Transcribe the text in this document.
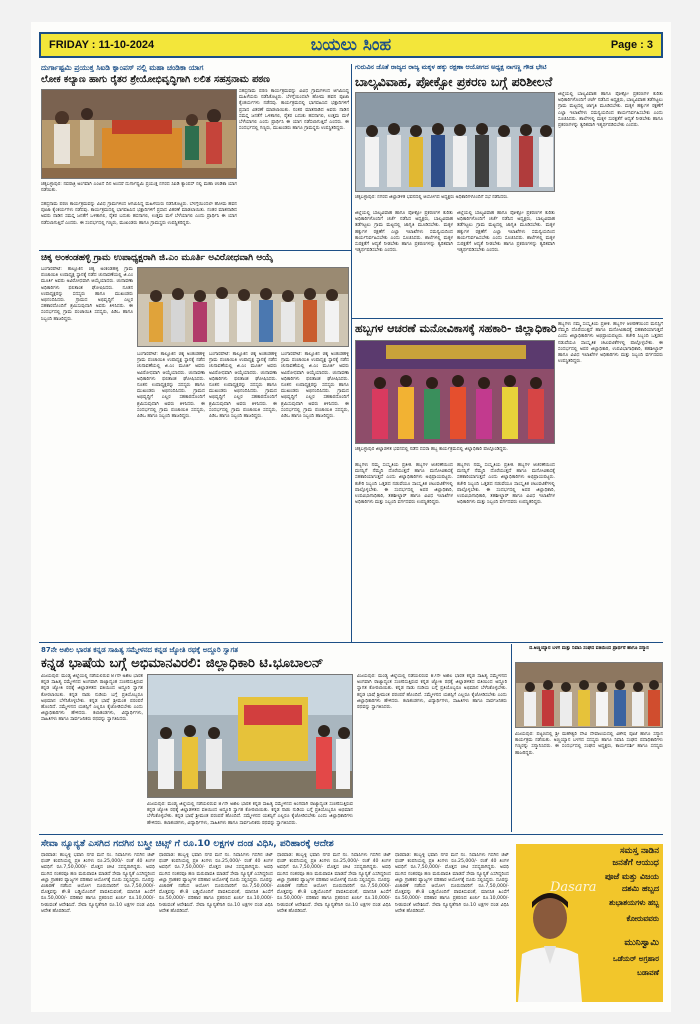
FRIDAY : 11-10-2024	ಬಯಲು ಸಿಂಹ	Page : 3
ದುರ್ಗಾಷ್ಟಮಿ ಪ್ರಯುಕ್ತ ಸಿಐಡಿ ಕ್ಯಾಂಪಸ್ ನಲ್ಲಿ ಮಹಾ ಚಂಡಿಕಾ ಯಾಗ
ಲೋಕ ಕಲ್ಯಾಣ ಹಾಗು ರೈತರ ಶ್ರೇಯೋಭಿವೃದ್ಧಿಗಾಗಿ ಲಲಿತ ಸಹಸ್ರನಾಮ ಪಠಣ
ಸಹಸ್ರನಾಮ ಪಠಣ ಕಾರ್ಯಕ್ರಮವನ್ನು ವಿವಿಧ ಗ್ರಾಮಗಳಿಂದ ಆಗಮಿಸಿದ್ದ ಮಹಿಳೆಯರು ನಡೆಸಿಕೊಟ್ಟರು. ಬೆಳಗ್ಗೆಯಿಂದಲೇ ಹೋಮ ಹವನ ಪೂಜಾ ಕೈಂಕರ್ಯಗಳು ನಡೆದವು. ಕಾರ್ಯಕ್ರಮದಲ್ಲಿ ಭಾಗವಹಿಸಿದ ಭಕ್ತಾದಿಗಳಿಗೆ ಪ್ರಸಾದ ವಿತರಣೆ ಮಾಡಲಾಯಿತು. ನಂತರ ಮಾತನಾಡಿದ ಅವರು ನಾಡಿನ ಸಮಸ್ತ ಜನತೆಗೆ ಒಳಿತಾಗಲಿ, ರೈತರ ಬದುಕು ಹಸನಾಗಲಿ, ಉತ್ತಮ ಮಳೆ ಬೆಳೆಯಾಗಲಿ ಎಂದು ಪ್ರಾರ್ಥಿಸಿ ಈ ಯಾಗ ನಡೆಸಲಾಗುತ್ತಿದೆ ಎಂದರು. ಈ ಸಂದರ್ಭದಲ್ಲಿ ಗಣ್ಯರು, ಮುಖಂಡರು ಹಾಗೂ ಗ್ರಾಮಸ್ಥರು ಉಪಸ್ಥಿತರಿದ್ದರು.
ಚಿಕ್ಕಬಳ್ಳಾಪುರ: ನವರಾತ್ರಿ ಅಂಗವಾಗಿ ಎಂಟನೆ ದಿನ ಅಂದರೆ ದುರ್ಗಾಷ್ಟಮಿ ಪ್ರಯುಕ್ತ ನಗರದ ಸಿಐಡಿ ಕ್ಯಾಂಪಸ್ ನಲ್ಲಿ ಮಹಾ ಚಂಡಿಕಾ ಯಾಗ ನಡೆಯಿತು.
ಸಹಸ್ರನಾಮ ಪಠಣ ಕಾರ್ಯಕ್ರಮವನ್ನು ವಿವಿಧ ಗ್ರಾಮಗಳಿಂದ ಆಗಮಿಸಿದ್ದ ಮಹಿಳೆಯರು ನಡೆಸಿಕೊಟ್ಟರು. ಬೆಳಗ್ಗೆಯಿಂದಲೇ ಹೋಮ ಹವನ ಪೂಜಾ ಕೈಂಕರ್ಯಗಳು ನಡೆದವು. ಕಾರ್ಯಕ್ರಮದಲ್ಲಿ ಭಾಗವಹಿಸಿದ ಭಕ್ತಾದಿಗಳಿಗೆ ಪ್ರಸಾದ ವಿತರಣೆ ಮಾಡಲಾಯಿತು. ನಂತರ ಮಾತನಾಡಿದ ಅವರು ನಾಡಿನ ಸಮಸ್ತ ಜನತೆಗೆ ಒಳಿತಾಗಲಿ, ರೈತರ ಬದುಕು ಹಸನಾಗಲಿ, ಉತ್ತಮ ಮಳೆ ಬೆಳೆಯಾಗಲಿ ಎಂದು ಪ್ರಾರ್ಥಿಸಿ ಈ ಯಾಗ ನಡೆಸಲಾಗುತ್ತಿದೆ ಎಂದರು. ಈ ಸಂದರ್ಭದಲ್ಲಿ ಗಣ್ಯರು, ಮುಖಂಡರು ಹಾಗೂ ಗ್ರಾಮಸ್ಥರು ಉಪಸ್ಥಿತರಿದ್ದರು.
ಚಿಕ್ಕ ಅಂಕಂಡಹಳ್ಳಿ ಗ್ರಾಮ ಉಪಾಧ್ಯಕ್ಷರಾಗಿ ಜಿ.ಎಂ ಮೂರ್ತಿ ಅವಿರೋಧವಾಗಿ ಆಯ್ಕೆ
ಬಂಗಾರಪೇಟೆ: ತಾಲ್ಲೂಕಿನ ಚಿಕ್ಕ ಅಂಕಂಡಹಳ್ಳಿ ಗ್ರಾಮ ಪಂಚಾಯಿತಿ ಉಪಾಧ್ಯಕ್ಷ ಸ್ಥಾನಕ್ಕೆ ನಡೆದ ಚುನಾವಣೆಯಲ್ಲಿ ಜಿ.ಎಂ ಮೂರ್ತಿ ಅವರು ಅವಿರೋಧವಾಗಿ ಆಯ್ಕೆಯಾದರು. ಚುನಾವಣಾ ಅಧಿಕಾರಿಗಳು ಫಲಿತಾಂಶ ಘೋಷಿಸಿದರು. ನೂತನ ಉಪಾಧ್ಯಕ್ಷರನ್ನು ಸದಸ್ಯರು ಹಾಗೂ ಮುಖಂಡರು ಅಭಿನಂದಿಸಿದರು. ಗ್ರಾಮದ ಅಭಿವೃದ್ಧಿಗೆ ಎಲ್ಲರ ಸಹಕಾರದೊಂದಿಗೆ ಶ್ರಮಿಸುವುದಾಗಿ ಅವರು ತಿಳಿಸಿದರು. ಈ ಸಂದರ್ಭದಲ್ಲಿ ಗ್ರಾಮ ಪಂಚಾಯಿತಿ ಸದಸ್ಯರು, ಪಿಡಿಒ ಹಾಗೂ ಸಿಬ್ಬಂದಿ ಹಾಜರಿದ್ದರು.
ಬಂಗಾರಪೇಟೆ: ತಾಲ್ಲೂಕಿನ ಚಿಕ್ಕ ಅಂಕಂಡಹಳ್ಳಿ ಗ್ರಾಮ ಪಂಚಾಯಿತಿ ಉಪಾಧ್ಯಕ್ಷ ಸ್ಥಾನಕ್ಕೆ ನಡೆದ ಚುನಾವಣೆಯಲ್ಲಿ ಜಿ.ಎಂ ಮೂರ್ತಿ ಅವರು ಅವಿರೋಧವಾಗಿ ಆಯ್ಕೆಯಾದರು. ಚುನಾವಣಾ ಅಧಿಕಾರಿಗಳು ಫಲಿತಾಂಶ ಘೋಷಿಸಿದರು. ನೂತನ ಉಪಾಧ್ಯಕ್ಷರನ್ನು ಸದಸ್ಯರು ಹಾಗೂ ಮುಖಂಡರು ಅಭಿನಂದಿಸಿದರು. ಗ್ರಾಮದ ಅಭಿವೃದ್ಧಿಗೆ ಎಲ್ಲರ ಸಹಕಾರದೊಂದಿಗೆ ಶ್ರಮಿಸುವುದಾಗಿ ಅವರು ತಿಳಿಸಿದರು. ಈ ಸಂದರ್ಭದಲ್ಲಿ ಗ್ರಾಮ ಪಂಚಾಯಿತಿ ಸದಸ್ಯರು, ಪಿಡಿಒ ಹಾಗೂ ಸಿಬ್ಬಂದಿ ಹಾಜರಿದ್ದರು.
ಬಂಗಾರಪೇಟೆ: ತಾಲ್ಲೂಕಿನ ಚಿಕ್ಕ ಅಂಕಂಡಹಳ್ಳಿ ಗ್ರಾಮ ಪಂಚಾಯಿತಿ ಉಪಾಧ್ಯಕ್ಷ ಸ್ಥಾನಕ್ಕೆ ನಡೆದ ಚುನಾವಣೆಯಲ್ಲಿ ಜಿ.ಎಂ ಮೂರ್ತಿ ಅವರು ಅವಿರೋಧವಾಗಿ ಆಯ್ಕೆಯಾದರು. ಚುನಾವಣಾ ಅಧಿಕಾರಿಗಳು ಫಲಿತಾಂಶ ಘೋಷಿಸಿದರು. ನೂತನ ಉಪಾಧ್ಯಕ್ಷರನ್ನು ಸದಸ್ಯರು ಹಾಗೂ ಮುಖಂಡರು ಅಭಿನಂದಿಸಿದರು. ಗ್ರಾಮದ ಅಭಿವೃದ್ಧಿಗೆ ಎಲ್ಲರ ಸಹಕಾರದೊಂದಿಗೆ ಶ್ರಮಿಸುವುದಾಗಿ ಅವರು ತಿಳಿಸಿದರು. ಈ ಸಂದರ್ಭದಲ್ಲಿ ಗ್ರಾಮ ಪಂಚಾಯಿತಿ ಸದಸ್ಯರು, ಪಿಡಿಒ ಹಾಗೂ ಸಿಬ್ಬಂದಿ ಹಾಜರಿದ್ದರು.
ಬಂಗಾರಪೇಟೆ: ತಾಲ್ಲೂಕಿನ ಚಿಕ್ಕ ಅಂಕಂಡಹಳ್ಳಿ ಗ್ರಾಮ ಪಂಚಾಯಿತಿ ಉಪಾಧ್ಯಕ್ಷ ಸ್ಥಾನಕ್ಕೆ ನಡೆದ ಚುನಾವಣೆಯಲ್ಲಿ ಜಿ.ಎಂ ಮೂರ್ತಿ ಅವರು ಅವಿರೋಧವಾಗಿ ಆಯ್ಕೆಯಾದರು. ಚುನಾವಣಾ ಅಧಿಕಾರಿಗಳು ಫಲಿತಾಂಶ ಘೋಷಿಸಿದರು. ನೂತನ ಉಪಾಧ್ಯಕ್ಷರನ್ನು ಸದಸ್ಯರು ಹಾಗೂ ಮುಖಂಡರು ಅಭಿನಂದಿಸಿದರು. ಗ್ರಾಮದ ಅಭಿವೃದ್ಧಿಗೆ ಎಲ್ಲರ ಸಹಕಾರದೊಂದಿಗೆ ಶ್ರಮಿಸುವುದಾಗಿ ಅವರು ತಿಳಿಸಿದರು. ಈ ಸಂದರ್ಭದಲ್ಲಿ ಗ್ರಾಮ ಪಂಚಾಯಿತಿ ಸದಸ್ಯರು, ಪಿಡಿಒ ಹಾಗೂ ಸಿಬ್ಬಂದಿ ಹಾಜರಿದ್ದರು.
ಗುರುವಿನ ಜೊತೆ ರಾಜ್ಯದ ರಾಜ್ಯ ಮಕ್ಕಳ ಹಕ್ಕು ರಕ್ಷಣಾ ಆಯೋಗದ ಅಧ್ಯಕ್ಷ ನಾಗಣ್ಣ ಗೌಡ ಭೇಟಿ
ಬಾಲ್ಯವಿವಾಹ, ಪೋಕ್ಸೋ ಪ್ರಕರಣ ಬಗ್ಗೆ ಪರಿಶೀಲನೆ
ಜಿಲ್ಲೆಯಲ್ಲಿ ಬಾಲ್ಯವಿವಾಹ ಹಾಗೂ ಪೋಕ್ಸೋ ಪ್ರಕರಣಗಳ ಕುರಿತು ಅಧಿಕಾರಿಗಳೊಂದಿಗೆ ಚರ್ಚೆ ನಡೆಸಿದ ಅಧ್ಯಕ್ಷರು, ಬಾಲ್ಯವಿವಾಹ ತಡೆಗಟ್ಟಲು ಗ್ರಾಮ ಮಟ್ಟದಲ್ಲಿ ಜಾಗೃತಿ ಮೂಡಿಸಬೇಕು. ಮಕ್ಕಳ ಹಕ್ಕುಗಳ ರಕ್ಷಣೆಗೆ ಎಲ್ಲಾ ಇಲಾಖೆಗಳು ಸಮನ್ವಯದಿಂದ ಕಾರ್ಯನಿರ್ವಹಿಸಬೇಕು ಎಂದು ಸೂಚಿಸಿದರು. ಶಾಲೆಗಳಲ್ಲಿ ಮಕ್ಕಳ ಸುರಕ್ಷತೆಗೆ ಆದ್ಯತೆ ನೀಡಬೇಕು ಹಾಗೂ ಪ್ರಕರಣಗಳನ್ನು ತ್ವರಿತವಾಗಿ ಇತ್ಯರ್ಥಪಡಿಸಬೇಕು ಎಂದರು.
ಚಿಕ್ಕಬಳ್ಳಾಪುರ: ನಗರದ ಜಿಲ್ಲಾಡಳಿತ ಭವನದಲ್ಲಿ ಆಯೋಗದ ಅಧ್ಯಕ್ಷರು ಅಧಿಕಾರಿಗಳೊಂದಿಗೆ ಸಭೆ ನಡೆಸಿದರು.
ಜಿಲ್ಲೆಯಲ್ಲಿ ಬಾಲ್ಯವಿವಾಹ ಹಾಗೂ ಪೋಕ್ಸೋ ಪ್ರಕರಣಗಳ ಕುರಿತು ಅಧಿಕಾರಿಗಳೊಂದಿಗೆ ಚರ್ಚೆ ನಡೆಸಿದ ಅಧ್ಯಕ್ಷರು, ಬಾಲ್ಯವಿವಾಹ ತಡೆಗಟ್ಟಲು ಗ್ರಾಮ ಮಟ್ಟದಲ್ಲಿ ಜಾಗೃತಿ ಮೂಡಿಸಬೇಕು. ಮಕ್ಕಳ ಹಕ್ಕುಗಳ ರಕ್ಷಣೆಗೆ ಎಲ್ಲಾ ಇಲಾಖೆಗಳು ಸಮನ್ವಯದಿಂದ ಕಾರ್ಯನಿರ್ವಹಿಸಬೇಕು ಎಂದು ಸೂಚಿಸಿದರು. ಶಾಲೆಗಳಲ್ಲಿ ಮಕ್ಕಳ ಸುರಕ್ಷತೆಗೆ ಆದ್ಯತೆ ನೀಡಬೇಕು ಹಾಗೂ ಪ್ರಕರಣಗಳನ್ನು ತ್ವರಿತವಾಗಿ ಇತ್ಯರ್ಥಪಡಿಸಬೇಕು ಎಂದರು.
ಜಿಲ್ಲೆಯಲ್ಲಿ ಬಾಲ್ಯವಿವಾಹ ಹಾಗೂ ಪೋಕ್ಸೋ ಪ್ರಕರಣಗಳ ಕುರಿತು ಅಧಿಕಾರಿಗಳೊಂದಿಗೆ ಚರ್ಚೆ ನಡೆಸಿದ ಅಧ್ಯಕ್ಷರು, ಬಾಲ್ಯವಿವಾಹ ತಡೆಗಟ್ಟಲು ಗ್ರಾಮ ಮಟ್ಟದಲ್ಲಿ ಜಾಗೃತಿ ಮೂಡಿಸಬೇಕು. ಮಕ್ಕಳ ಹಕ್ಕುಗಳ ರಕ್ಷಣೆಗೆ ಎಲ್ಲಾ ಇಲಾಖೆಗಳು ಸಮನ್ವಯದಿಂದ ಕಾರ್ಯನಿರ್ವಹಿಸಬೇಕು ಎಂದು ಸೂಚಿಸಿದರು. ಶಾಲೆಗಳಲ್ಲಿ ಮಕ್ಕಳ ಸುರಕ್ಷತೆಗೆ ಆದ್ಯತೆ ನೀಡಬೇಕು ಹಾಗೂ ಪ್ರಕರಣಗಳನ್ನು ತ್ವರಿತವಾಗಿ ಇತ್ಯರ್ಥಪಡಿಸಬೇಕು ಎಂದರು.
ಹಬ್ಬಗಳ ಆಚರಣೆ ಮನೋವಿಕಾಸಕ್ಕೆ ಸಹಕಾರಿ- ಜಿಲ್ಲಾಧಿಕಾರಿ ಹಬ್ಬಗಳು ನಮ್ಮ ಸಂಸ್ಕೃತಿಯ ಪ್ರತೀಕ. ಹಬ್ಬಗಳ ಆಚರಣೆಯಿಂದ ಮನಸ್ಸಿಗೆ ನೆಮ್ಮದಿ ದೊರೆಯುತ್ತದೆ ಹಾಗೂ ಮನೋವಿಕಾಸಕ್ಕೆ ಸಹಕಾರಿಯಾಗುತ್ತದೆ ಎಂದು ಜಿಲ್ಲಾಧಿಕಾರಿಗಳು ಅಭಿಪ್ರಾಯಪಟ್ಟರು. ಕಚೇರಿ ಸಿಬ್ಬಂದಿ ಒತ್ತಡದ ನಡುವೆಯೂ ಸಾಂಸ್ಕೃತಿಕ ಚಟುವಟಿಕೆಗಳಲ್ಲಿ ಪಾಲ್ಗೊಳ್ಳಬೇಕು. ಈ ಸಂದರ್ಭದಲ್ಲಿ ಅಪರ ಜಿಲ್ಲಾಧಿಕಾರಿ, ಉಪವಿಭಾಗಾಧಿಕಾರಿ, ತಹಶೀಲ್ದಾರ್ ಹಾಗೂ ವಿವಿಧ ಇಲಾಖೆಗಳ ಅಧಿಕಾರಿಗಳು ಮತ್ತು ಸಿಬ್ಬಂದಿ ವರ್ಗದವರು ಉಪಸ್ಥಿತರಿದ್ದರು.
ಚಿಕ್ಕಬಳ್ಳಾಪುರ ಜಿಲ್ಲಾಡಳಿತ ಭವನದಲ್ಲಿ ನಡೆದ ದಸರಾ ಹಬ್ಬ ಕಾರ್ಯಕ್ರಮದಲ್ಲಿ ಜಿಲ್ಲಾಧಿಕಾರಿ ಪಾಲ್ಗೊಂಡಿದ್ದರು.
ಹಬ್ಬಗಳು ನಮ್ಮ ಸಂಸ್ಕೃತಿಯ ಪ್ರತೀಕ. ಹಬ್ಬಗಳ ಆಚರಣೆಯಿಂದ ಮನಸ್ಸಿಗೆ ನೆಮ್ಮದಿ ದೊರೆಯುತ್ತದೆ ಹಾಗೂ ಮನೋವಿಕಾಸಕ್ಕೆ ಸಹಕಾರಿಯಾಗುತ್ತದೆ ಎಂದು ಜಿಲ್ಲಾಧಿಕಾರಿಗಳು ಅಭಿಪ್ರಾಯಪಟ್ಟರು. ಕಚೇರಿ ಸಿಬ್ಬಂದಿ ಒತ್ತಡದ ನಡುವೆಯೂ ಸಾಂಸ್ಕೃತಿಕ ಚಟುವಟಿಕೆಗಳಲ್ಲಿ ಪಾಲ್ಗೊಳ್ಳಬೇಕು. ಈ ಸಂದರ್ಭದಲ್ಲಿ ಅಪರ ಜಿಲ್ಲಾಧಿಕಾರಿ, ಉಪವಿಭಾಗಾಧಿಕಾರಿ, ತಹಶೀಲ್ದಾರ್ ಹಾಗೂ ವಿವಿಧ ಇಲಾಖೆಗಳ ಅಧಿಕಾರಿಗಳು ಮತ್ತು ಸಿಬ್ಬಂದಿ ವರ್ಗದವರು ಉಪಸ್ಥಿತರಿದ್ದರು.
ಹಬ್ಬಗಳು ನಮ್ಮ ಸಂಸ್ಕೃತಿಯ ಪ್ರತೀಕ. ಹಬ್ಬಗಳ ಆಚರಣೆಯಿಂದ ಮನಸ್ಸಿಗೆ ನೆಮ್ಮದಿ ದೊರೆಯುತ್ತದೆ ಹಾಗೂ ಮನೋವಿಕಾಸಕ್ಕೆ ಸಹಕಾರಿಯಾಗುತ್ತದೆ ಎಂದು ಜಿಲ್ಲಾಧಿಕಾರಿಗಳು ಅಭಿಪ್ರಾಯಪಟ್ಟರು. ಕಚೇರಿ ಸಿಬ್ಬಂದಿ ಒತ್ತಡದ ನಡುವೆಯೂ ಸಾಂಸ್ಕೃತಿಕ ಚಟುವಟಿಕೆಗಳಲ್ಲಿ ಪಾಲ್ಗೊಳ್ಳಬೇಕು. ಈ ಸಂದರ್ಭದಲ್ಲಿ ಅಪರ ಜಿಲ್ಲಾಧಿಕಾರಿ, ಉಪವಿಭಾಗಾಧಿಕಾರಿ, ತಹಶೀಲ್ದಾರ್ ಹಾಗೂ ವಿವಿಧ ಇಲಾಖೆಗಳ ಅಧಿಕಾರಿಗಳು ಮತ್ತು ಸಿಬ್ಬಂದಿ ವರ್ಗದವರು ಉಪಸ್ಥಿತರಿದ್ದರು.
87ನೇ ಅಖಿಲ ಭಾರತ ಕನ್ನಡ ಸಾಹಿತ್ಯ ಸಮ್ಮೇಳನದ ಕನ್ನಡ ಜ್ಯೋತಿ ರಥಕ್ಕೆ ಅದ್ದೂರಿ ಸ್ವಾಗತ
ಕನ್ನಡ ಭಾಷೆಯ ಬಗ್ಗೆ ಅಭಿಮಾನವಿರಲಿ: ಜಿಲ್ಲಾಧಿಕಾರಿ ಟಿ.ಭೂಬಾಲನ್
ವಿಜಯಪುರ: ಮಂಡ್ಯ ಜಿಲ್ಲೆಯಲ್ಲಿ ನಡೆಯಲಿರುವ 87ನೇ ಅಖಿಲ ಭಾರತ ಕನ್ನಡ ಸಾಹಿತ್ಯ ಸಮ್ಮೇಳನದ ಅಂಗವಾಗಿ ರಾಜ್ಯಾದ್ಯಂತ ಸಂಚರಿಸುತ್ತಿರುವ ಕನ್ನಡ ಜ್ಯೋತಿ ರಥಕ್ಕೆ ಜಿಲ್ಲಾಡಳಿತದ ವತಿಯಿಂದ ಅದ್ದೂರಿ ಸ್ವಾಗತ ಕೋರಲಾಯಿತು. ಕನ್ನಡ ನಾಡು ನುಡಿಯ ಬಗ್ಗೆ ಪ್ರತಿಯೊಬ್ಬರೂ ಅಭಿಮಾನ ಬೆಳೆಸಿಕೊಳ್ಳಬೇಕು. ಕನ್ನಡ ಭಾಷೆ ಶ್ರೀಮಂತ ಪರಂಪರೆ ಹೊಂದಿದೆ. ಸಮ್ಮೇಳನದ ಯಶಸ್ಸಿಗೆ ಎಲ್ಲರೂ ಕೈಜೋಡಿಸಬೇಕು ಎಂದು ಜಿಲ್ಲಾಧಿಕಾರಿಗಳು ಹೇಳಿದರು. ಕಲಾತಂಡಗಳು, ವಿದ್ಯಾರ್ಥಿಗಳು, ಸಾಹಿತಿಗಳು ಹಾಗೂ ಸಾರ್ವಜನಿಕರು ರಥವನ್ನು ಸ್ವಾಗತಿಸಿದರು.
ವಿಜಯಪುರ: ಮಂಡ್ಯ ಜಿಲ್ಲೆಯಲ್ಲಿ ನಡೆಯಲಿರುವ 87ನೇ ಅಖಿಲ ಭಾರತ ಕನ್ನಡ ಸಾಹಿತ್ಯ ಸಮ್ಮೇಳನದ ಅಂಗವಾಗಿ ರಾಜ್ಯಾದ್ಯಂತ ಸಂಚರಿಸುತ್ತಿರುವ ಕನ್ನಡ ಜ್ಯೋತಿ ರಥಕ್ಕೆ ಜಿಲ್ಲಾಡಳಿತದ ವತಿಯಿಂದ ಅದ್ದೂರಿ ಸ್ವಾಗತ ಕೋರಲಾಯಿತು. ಕನ್ನಡ ನಾಡು ನುಡಿಯ ಬಗ್ಗೆ ಪ್ರತಿಯೊಬ್ಬರೂ ಅಭಿಮಾನ ಬೆಳೆಸಿಕೊಳ್ಳಬೇಕು. ಕನ್ನಡ ಭಾಷೆ ಶ್ರೀಮಂತ ಪರಂಪರೆ ಹೊಂದಿದೆ. ಸಮ್ಮೇಳನದ ಯಶಸ್ಸಿಗೆ ಎಲ್ಲರೂ ಕೈಜೋಡಿಸಬೇಕು ಎಂದು ಜಿಲ್ಲಾಧಿಕಾರಿಗಳು ಹೇಳಿದರು. ಕಲಾತಂಡಗಳು, ವಿದ್ಯಾರ್ಥಿಗಳು, ಸಾಹಿತಿಗಳು ಹಾಗೂ ಸಾರ್ವಜನಿಕರು ರಥವನ್ನು ಸ್ವಾಗತಿಸಿದರು.
ವಿಜಯಪುರ: ಮಂಡ್ಯ ಜಿಲ್ಲೆಯಲ್ಲಿ ನಡೆಯಲಿರುವ 87ನೇ ಅಖಿಲ ಭಾರತ ಕನ್ನಡ ಸಾಹಿತ್ಯ ಸಮ್ಮೇಳನದ ಅಂಗವಾಗಿ ರಾಜ್ಯಾದ್ಯಂತ ಸಂಚರಿಸುತ್ತಿರುವ ಕನ್ನಡ ಜ್ಯೋತಿ ರಥಕ್ಕೆ ಜಿಲ್ಲಾಡಳಿತದ ವತಿಯಿಂದ ಅದ್ದೂರಿ ಸ್ವಾಗತ ಕೋರಲಾಯಿತು. ಕನ್ನಡ ನಾಡು ನುಡಿಯ ಬಗ್ಗೆ ಪ್ರತಿಯೊಬ್ಬರೂ ಅಭಿಮಾನ ಬೆಳೆಸಿಕೊಳ್ಳಬೇಕು. ಕನ್ನಡ ಭಾಷೆ ಶ್ರೀಮಂತ ಪರಂಪರೆ ಹೊಂದಿದೆ. ಸಮ್ಮೇಳನದ ಯಶಸ್ಸಿಗೆ ಎಲ್ಲರೂ ಕೈಜೋಡಿಸಬೇಕು ಎಂದು ಜಿಲ್ಲಾಧಿಕಾರಿಗಳು ಹೇಳಿದರು. ಕಲಾತಂಡಗಳು, ವಿದ್ಯಾರ್ಥಿಗಳು, ಸಾಹಿತಿಗಳು ಹಾಗೂ ಸಾರ್ವಜನಿಕರು ರಥವನ್ನು ಸ್ವಾಗತಿಸಿದರು.
ದ.ಅಣ್ಣಯ್ಯಾನ ಬಳಗ ಮತ್ತು ನಿವಾಸಿ ಸಂಘದ ವತಿಯಿಂದ ಪ್ರಾರ್ಥನೆ ಹಾಗೂ ಸನ್ಮಾನ
ವಿಜಯಪುರ: ಪಟ್ಟಣದಲ್ಲಿ ಶ್ರೀ ಮಹೇಶ್ವರಿ ದೇವಿ ದೇವಾಲಯದಲ್ಲಿ ವಿಶೇಷ ಪೂಜೆ ಹಾಗೂ ಸನ್ಮಾನ ಕಾರ್ಯಕ್ರಮ ನಡೆಯಿತು. ಅಣ್ಣಯ್ಯಾನ ಬಳಗದ ಸದಸ್ಯರು ಹಾಗೂ ನಿವಾಸಿ ಸಂಘದ ಪದಾಧಿಕಾರಿಗಳು ಗಣ್ಯರನ್ನು ಸನ್ಮಾನಿಸಿದರು. ಈ ಸಂದರ್ಭದಲ್ಲಿ ಸಂಘದ ಅಧ್ಯಕ್ಷರು, ಕಾರ್ಯದರ್ಶಿ ಹಾಗೂ ಸದಸ್ಯರು ಹಾಜರಿದ್ದರು.
ಸೇವಾ ನ್ಯೂನ್ಯತೆ ಎಸಗಿದ ಗದಗಿನ ಬಸ್ತ್ರೀ ಚಿಟ್ಸ್ ಗೆ ರೂ.10 ಲಕ್ಷಗಳ ದಂಡ ವಿಧಿಸಿ, ಪರಿಹಾರಕ್ಕೆ ಆದೇಶ
ಧಾರವಾಡ: ಹುಬ್ಬಳ್ಳಿ ಭವಾನಿ ನಗರ ಮನೆ ನಂ. ನಿವಾಸಿಗಳು ಗದಗಿನ ಚಿಟ್ ಫಂಡ್ ಕಂಪನಿಯಲ್ಲಿ ಪ್ರತಿ ತಿಂಗಳು ರೂ.25,000/- ರಂತೆ 40 ತಿಂಗಳ ಅವಧಿಗೆ ರೂ.7,50,000/- ಮೊತ್ತದ ಚೀಟಿ ಸದಸ್ಯರಾಗಿದ್ದರು. ಅವಧಿ ಮುಗಿದ ನಂತರವೂ ಹಣ ಮರುಪಾವತಿ ಮಾಡದೆ ಸೇವಾ ನ್ಯೂನ್ಯತೆ ಎಸಗಿದ್ದರಿಂದ ಜಿಲ್ಲಾ ಗ್ರಾಹಕರ ವ್ಯಾಜ್ಯಗಳ ಪರಿಹಾರ ಆಯೋಗಕ್ಕೆ ದೂರು ಸಲ್ಲಿಸಿದ್ದರು. ದೂರನ್ನು ವಿಚಾರಣೆ ನಡೆಸಿದ ಆಯೋಗ ದೂರುದಾರರಿಗೆ ರೂ.7,50,000/- ಮೊತ್ತವನ್ನು ಶೇ.8 ಬಡ್ಡಿಯೊಂದಿಗೆ ಪಾವತಿಸುವಂತೆ, ಮಾನಸಿಕ ಹಿಂಸೆಗೆ ರೂ.50,000/- ಪರಿಹಾರ ಹಾಗೂ ಪ್ರಕರಣದ ಖರ್ಚು ರೂ.10,000/- ನೀಡುವಂತೆ ಆದೇಶಿಸಿದೆ. ಸೇವಾ ನ್ಯೂನ್ಯತೆಗಾಗಿ ರೂ.10 ಲಕ್ಷಗಳ ದಂಡ ವಿಧಿಸಿ ಆದೇಶ ಹೊರಡಿಸಿದೆ.
ಧಾರವಾಡ: ಹುಬ್ಬಳ್ಳಿ ಭವಾನಿ ನಗರ ಮನೆ ನಂ. ನಿವಾಸಿಗಳು ಗದಗಿನ ಚಿಟ್ ಫಂಡ್ ಕಂಪನಿಯಲ್ಲಿ ಪ್ರತಿ ತಿಂಗಳು ರೂ.25,000/- ರಂತೆ 40 ತಿಂಗಳ ಅವಧಿಗೆ ರೂ.7,50,000/- ಮೊತ್ತದ ಚೀಟಿ ಸದಸ್ಯರಾಗಿದ್ದರು. ಅವಧಿ ಮುಗಿದ ನಂತರವೂ ಹಣ ಮರುಪಾವತಿ ಮಾಡದೆ ಸೇವಾ ನ್ಯೂನ್ಯತೆ ಎಸಗಿದ್ದರಿಂದ ಜಿಲ್ಲಾ ಗ್ರಾಹಕರ ವ್ಯಾಜ್ಯಗಳ ಪರಿಹಾರ ಆಯೋಗಕ್ಕೆ ದೂರು ಸಲ್ಲಿಸಿದ್ದರು. ದೂರನ್ನು ವಿಚಾರಣೆ ನಡೆಸಿದ ಆಯೋಗ ದೂರುದಾರರಿಗೆ ರೂ.7,50,000/- ಮೊತ್ತವನ್ನು ಶೇ.8 ಬಡ್ಡಿಯೊಂದಿಗೆ ಪಾವತಿಸುವಂತೆ, ಮಾನಸಿಕ ಹಿಂಸೆಗೆ ರೂ.50,000/- ಪರಿಹಾರ ಹಾಗೂ ಪ್ರಕರಣದ ಖರ್ಚು ರೂ.10,000/- ನೀಡುವಂತೆ ಆದೇಶಿಸಿದೆ. ಸೇವಾ ನ್ಯೂನ್ಯತೆಗಾಗಿ ರೂ.10 ಲಕ್ಷಗಳ ದಂಡ ವಿಧಿಸಿ ಆದೇಶ ಹೊರಡಿಸಿದೆ.
ಧಾರವಾಡ: ಹುಬ್ಬಳ್ಳಿ ಭವಾನಿ ನಗರ ಮನೆ ನಂ. ನಿವಾಸಿಗಳು ಗದಗಿನ ಚಿಟ್ ಫಂಡ್ ಕಂಪನಿಯಲ್ಲಿ ಪ್ರತಿ ತಿಂಗಳು ರೂ.25,000/- ರಂತೆ 40 ತಿಂಗಳ ಅವಧಿಗೆ ರೂ.7,50,000/- ಮೊತ್ತದ ಚೀಟಿ ಸದಸ್ಯರಾಗಿದ್ದರು. ಅವಧಿ ಮುಗಿದ ನಂತರವೂ ಹಣ ಮರುಪಾವತಿ ಮಾಡದೆ ಸೇವಾ ನ್ಯೂನ್ಯತೆ ಎಸಗಿದ್ದರಿಂದ ಜಿಲ್ಲಾ ಗ್ರಾಹಕರ ವ್ಯಾಜ್ಯಗಳ ಪರಿಹಾರ ಆಯೋಗಕ್ಕೆ ದೂರು ಸಲ್ಲಿಸಿದ್ದರು. ದೂರನ್ನು ವಿಚಾರಣೆ ನಡೆಸಿದ ಆಯೋಗ ದೂರುದಾರರಿಗೆ ರೂ.7,50,000/- ಮೊತ್ತವನ್ನು ಶೇ.8 ಬಡ್ಡಿಯೊಂದಿಗೆ ಪಾವತಿಸುವಂತೆ, ಮಾನಸಿಕ ಹಿಂಸೆಗೆ ರೂ.50,000/- ಪರಿಹಾರ ಹಾಗೂ ಪ್ರಕರಣದ ಖರ್ಚು ರೂ.10,000/- ನೀಡುವಂತೆ ಆದೇಶಿಸಿದೆ. ಸೇವಾ ನ್ಯೂನ್ಯತೆಗಾಗಿ ರೂ.10 ಲಕ್ಷಗಳ ದಂಡ ವಿಧಿಸಿ ಆದೇಶ ಹೊರಡಿಸಿದೆ.
ಧಾರವಾಡ: ಹುಬ್ಬಳ್ಳಿ ಭವಾನಿ ನಗರ ಮನೆ ನಂ. ನಿವಾಸಿಗಳು ಗದಗಿನ ಚಿಟ್ ಫಂಡ್ ಕಂಪನಿಯಲ್ಲಿ ಪ್ರತಿ ತಿಂಗಳು ರೂ.25,000/- ರಂತೆ 40 ತಿಂಗಳ ಅವಧಿಗೆ ರೂ.7,50,000/- ಮೊತ್ತದ ಚೀಟಿ ಸದಸ್ಯರಾಗಿದ್ದರು. ಅವಧಿ ಮುಗಿದ ನಂತರವೂ ಹಣ ಮರುಪಾವತಿ ಮಾಡದೆ ಸೇವಾ ನ್ಯೂನ್ಯತೆ ಎಸಗಿದ್ದರಿಂದ ಜಿಲ್ಲಾ ಗ್ರಾಹಕರ ವ್ಯಾಜ್ಯಗಳ ಪರಿಹಾರ ಆಯೋಗಕ್ಕೆ ದೂರು ಸಲ್ಲಿಸಿದ್ದರು. ದೂರನ್ನು ವಿಚಾರಣೆ ನಡೆಸಿದ ಆಯೋಗ ದೂರುದಾರರಿಗೆ ರೂ.7,50,000/- ಮೊತ್ತವನ್ನು ಶೇ.8 ಬಡ್ಡಿಯೊಂದಿಗೆ ಪಾವತಿಸುವಂತೆ, ಮಾನಸಿಕ ಹಿಂಸೆಗೆ ರೂ.50,000/- ಪರಿಹಾರ ಹಾಗೂ ಪ್ರಕರಣದ ಖರ್ಚು ರೂ.10,000/- ನೀಡುವಂತೆ ಆದೇಶಿಸಿದೆ. ಸೇವಾ ನ್ಯೂನ್ಯತೆಗಾಗಿ ರೂ.10 ಲಕ್ಷಗಳ ದಂಡ ವಿಧಿಸಿ ಆದೇಶ ಹೊರಡಿಸಿದೆ.
Dasara
ಸಮಸ್ತ ನಾಡಿನ
ಜನತೆಗೆ ಆಯುಧ
ಪೂಜೆ ಮತ್ತು ವಿಜಯ
ದಶಮಿ ಹಬ್ಬದ
ಶುಭಾಶಯಗಳು ಹಬ್ಬ
ಕೋರುವವರು
ಮುನಿಸ್ವಾಮಿ
ಒಡೆಯರ್ ಅಗ್ರಹಾರ
ಬಡಾವಣೆ
